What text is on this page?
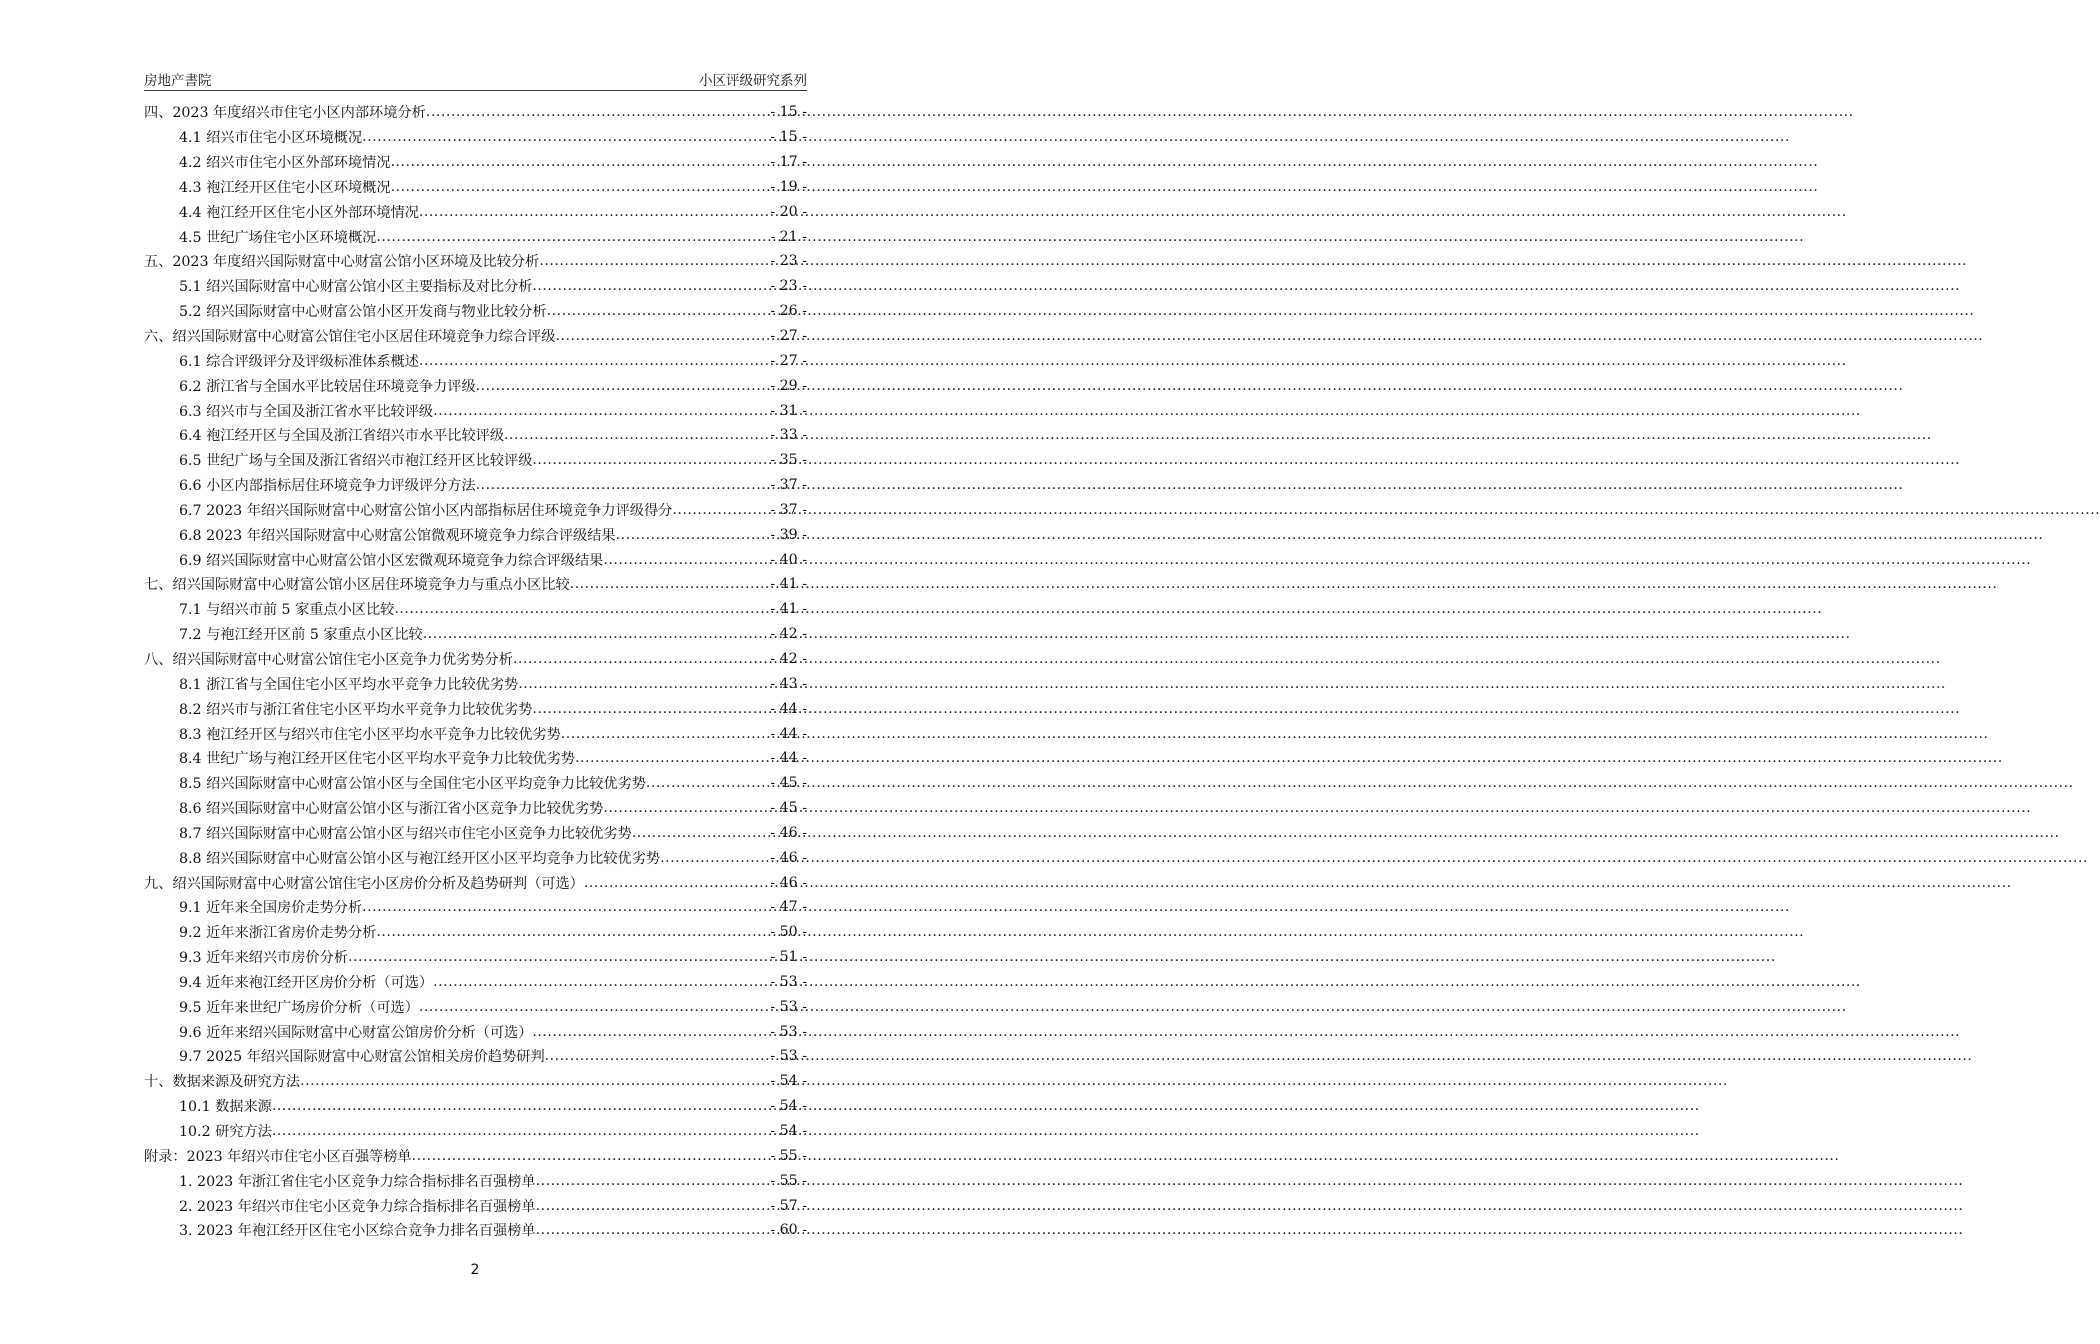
房地产書院	小区评级研究系列
四、2023 年度绍兴市住宅小区内部环境分析 .....	- 15 -
4.1 绍兴市住宅小区环境概况 .....	- 15 -
4.2 绍兴市住宅小区外部环境情况 .....	- 17 -
4.3 袍江经开区住宅小区环境概况 .....	- 19 -
4.4 袍江经开区住宅小区外部环境情况 .....	- 20 -
4.5 世纪广场住宅小区环境概况 .....	- 21 -
五、2023 年度绍兴国际财富中心财富公馆小区环境及比较分析 .....	- 23 -
5.1 绍兴国际财富中心财富公馆小区主要指标及对比分析 .....	- 23 -
5.2 绍兴国际财富中心财富公馆小区开发商与物业比较分析 .....	- 26 -
六、绍兴国际财富中心财富公馆住宅小区居住环境竞争力综合评级 .....	- 27 -
6.1 综合评级评分及评级标准体系概述 .....	- 27 -
6.2 浙江省与全国水平比较居住环境竞争力评级 .....	- 29 -
6.3 绍兴市与全国及浙江省水平比较评级 .....	- 31 -
6.4 袍江经开区与全国及浙江省绍兴市水平比较评级 .....	- 33 -
6.5 世纪广场与全国及浙江省绍兴市袍江经开区比较评级 .....	- 35 -
6.6 小区内部指标居住环境竞争力评级评分方法 .....	- 37 -
6.7 2023 年绍兴国际财富中心财富公馆小区内部指标居住环境竞争力评级得分 .....	- 37 -
6.8 2023 年绍兴国际财富中心财富公馆微观环境竞争力综合评级结果 .....	- 39 -
6.9 绍兴国际财富中心财富公馆小区宏微观环境竞争力综合评级结果 .....	- 40 -
七、绍兴国际财富中心财富公馆小区居住环境竞争力与重点小区比较 .....	- 41 -
7.1 与绍兴市前 5 家重点小区比较 .....	- 41 -
7.2 与袍江经开区前 5 家重点小区比较 .....	- 42 -
八、绍兴国际财富中心财富公馆住宅小区竞争力优劣势分析 .....	- 42 -
8.1 浙江省与全国住宅小区平均水平竞争力比较优劣势 .....	- 43 -
8.2 绍兴市与浙江省住宅小区平均水平竞争力比较优劣势 .....	- 44 -
8.3 袍江经开区与绍兴市住宅小区平均水平竞争力比较优劣势 .....	- 44 -
8.4 世纪广场与袍江经开区住宅小区平均水平竞争力比较优劣势 .....	- 44 -
8.5 绍兴国际财富中心财富公馆小区与全国住宅小区平均竞争力比较优劣势 .....	- 45 -
8.6 绍兴国际财富中心财富公馆小区与浙江省小区竞争力比较优劣势 .....	- 45 -
8.7 绍兴国际财富中心财富公馆小区与绍兴市住宅小区竞争力比较优劣势 .....	- 46 -
8.8 绍兴国际财富中心财富公馆小区与袍江经开区小区平均竞争力比较优劣势 .....	- 46 -
九、绍兴国际财富中心财富公馆住宅小区房价分析及趋势研判（可选） .....	- 46 -
9.1 近年来全国房价走势分析 .....	- 47 -
9.2 近年来浙江省房价走势分析 .....	- 50 -
9.3 近年来绍兴市房价分析 .....	- 51 -
9.4 近年来袍江经开区房价分析（可选） .....	- 53 -
9.5 近年来世纪广场房价分析（可选） .....	- 53 -
9.6 近年来绍兴国际财富中心财富公馆房价分析（可选） .....	- 53 -
9.7 2025 年绍兴国际财富中心财富公馆相关房价趋势研判 .....	- 53 -
十、数据来源及研究方法 .....	- 54 -
10.1 数据来源 .....	- 54 -
10.2 研究方法 .....	- 54 -
附录：2023 年绍兴市住宅小区百强等榜单 .....	- 55 -
1. 2023 年浙江省住宅小区竞争力综合指标排名百强榜单 .....	- 55 -
2. 2023 年绍兴市住宅小区竞争力综合指标排名百强榜单 .....	- 57 -
3. 2023 年袍江经开区住宅小区综合竞争力排名百强榜单 .....	- 60 -
2
